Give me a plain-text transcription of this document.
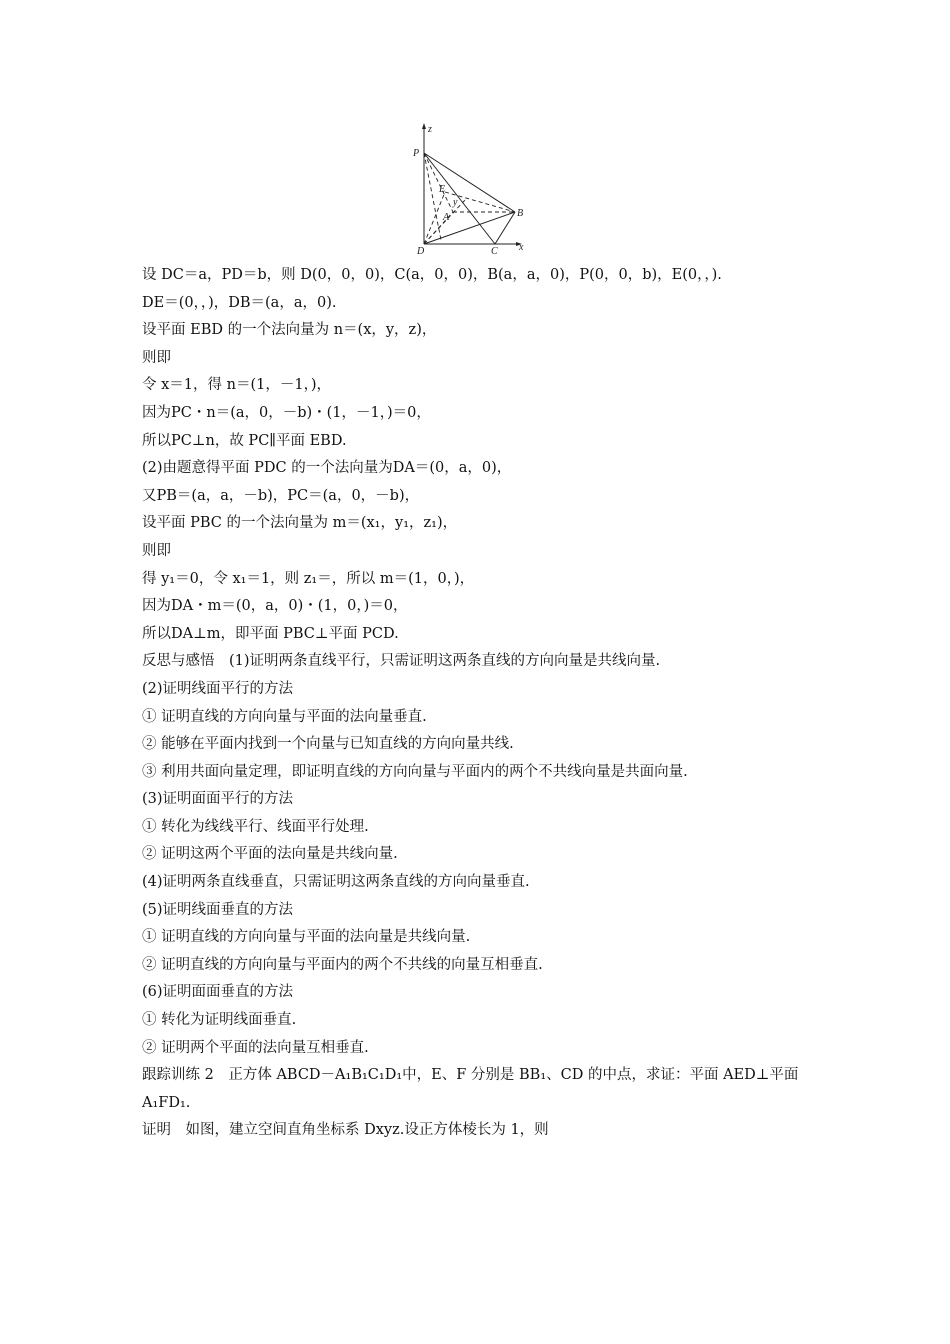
z
P
E
y
A	B
D	C x
设 DC＝a，PD＝b，则 D(0，0，0)，C(a，0，0)，B(a，a，0)，P(0，0，b)，E(0，，).
DE＝(0，，)，DB＝(a，a，0).
设平面 EBD 的一个法向量为 n＝(x，y，z)，
则即
令 x＝1，得 n＝(1，－1，)，
因为PC・n＝(a，0，－b)・(1，－1，)＝0，
所以PC⊥n，故 PC∥平面 EBD.
(2)由题意得平面 PDC 的一个法向量为DA＝(0，a，0)，
又PB＝(a，a，－b)，PC＝(a，0，－b)，
设平面 PBC 的一个法向量为 m＝(x₁，y₁，z₁)，
则即
得 y₁＝0，令 x₁＝1，则 z₁＝，所以 m＝(1，0，)，
因为DA・m＝(0，a，0)・(1，0，)＝0，
所以DA⊥m，即平面 PBC⊥平面 PCD.
反思与感悟　(1)证明两条直线平行，只需证明这两条直线的方向向量是共线向量.
(2)证明线面平行的方法
① 证明直线的方向向量与平面的法向量垂直.
② 能够在平面内找到一个向量与已知直线的方向向量共线.
③ 利用共面向量定理，即证明直线的方向向量与平面内的两个不共线向量是共面向量.
(3)证明面面平行的方法
① 转化为线线平行、线面平行处理.
② 证明这两个平面的法向量是共线向量.
(4)证明两条直线垂直，只需证明这两条直线的方向向量垂直.
(5)证明线面垂直的方法
① 证明直线的方向向量与平面的法向量是共线向量.
② 证明直线的方向向量与平面内的两个不共线的向量互相垂直.
(6)证明面面垂直的方法
① 转化为证明线面垂直.
② 证明两个平面的法向量互相垂直.
跟踪训练 2　正方体 ABCD－A₁B₁C₁D₁中，E、F 分别是 BB₁、CD 的中点，求证：平面 AED⊥平面
A₁FD₁.
证明　如图，建立空间直角坐标系 Dxyz.设正方体棱长为 1，则
